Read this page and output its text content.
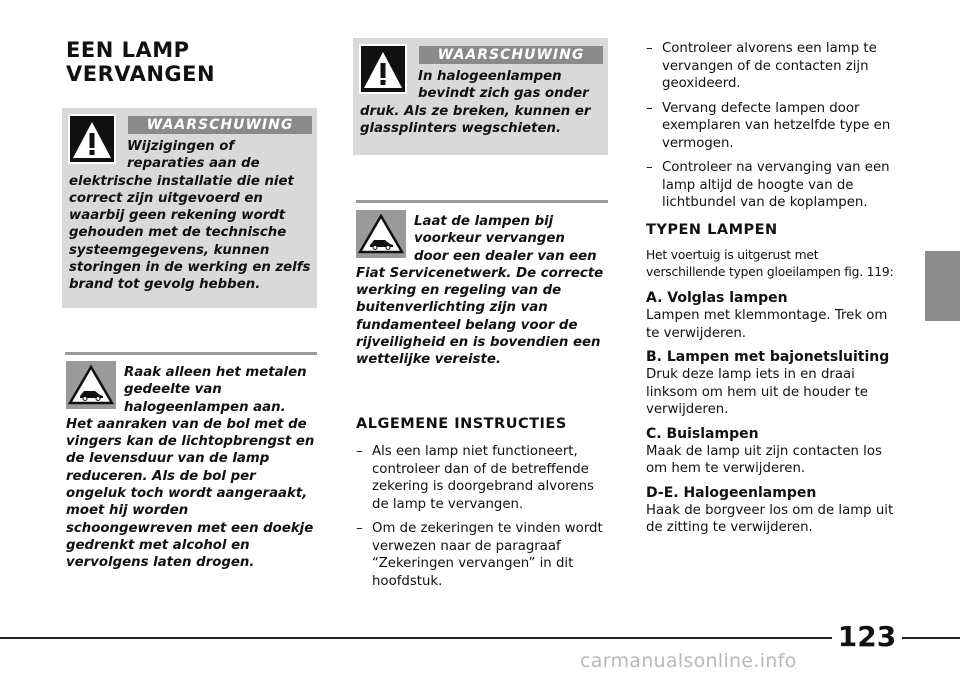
EEN LAMP
VERVANGEN
WAARSCHUWING
Wijzigingen of
reparaties aan de
elektrische installatie die niet correct zijn uitgevoerd en waarbij geen rekening wordt gehouden met de technische systeemgegevens, kunnen storingen in de werking en zelfs brand tot gevolg hebben.
Raak alleen het metalen
gedeelte van
halogeenlampen aan.
Het aanraken van de bol met de vingers kan de lichtopbrengst en de levensduur van de lamp reduceren. Als de bol per ongeluk toch wordt aangeraakt, moet hij worden schoongewreven met een doekje gedrenkt met alcohol en vervolgens laten drogen.
WAARSCHUWING
In halogeenlampen
bevindt zich gas onder
druk. Als ze breken, kunnen er glassplinters wegschieten.
Laat de lampen bij
voorkeur vervangen
door een dealer van een
Fiat Servicenetwerk. De correcte werking en regeling van de buitenverlichting zijn van fundamenteel belang voor de rijveiligheid en is bovendien een wettelijke vereiste.
ALGEMENE INSTRUCTIES
– Als een lamp niet functioneert, controleer dan of de betreffende zekering is doorgebrand alvorens de lamp te vervangen.
– Om de zekeringen te vinden wordt verwezen naar de paragraaf “Zekeringen vervangen” in dit hoofdstuk.
– Controleer alvorens een lamp te vervangen of de contacten zijn geoxideerd.
– Vervang defecte lampen door exemplaren van hetzelfde type en vermogen.
– Controleer na vervanging van een lamp altijd de hoogte van de lichtbundel van de koplampen.
TYPEN LAMPEN
Het voertuig is uitgerust met verschillende typen gloeilampen fig. 119:
A. Volglas lampen
Lampen met klemmontage. Trek om te verwijderen.
B. Lampen met bajonetsluiting
Druk deze lamp iets in en draai linksom om hem uit de houder te verwijderen.
C. Buislampen
Maak de lamp uit zijn contacten los om hem te verwijderen.
D-E. Halogeenlampen
Haak de borgveer los om de lamp uit de zitting te verwijderen.
123
carmanualsonline.info
